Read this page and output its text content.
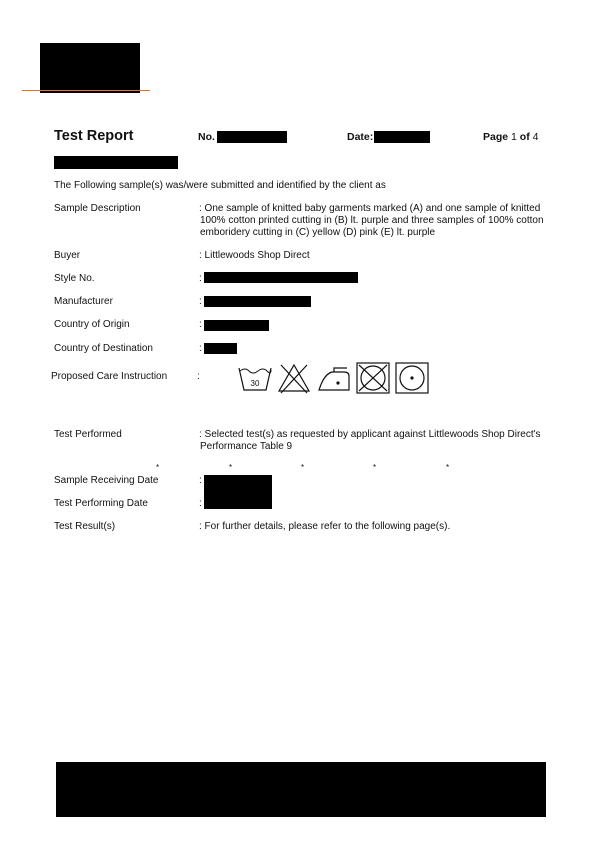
Test Report	No.	Date:	Page 1 of 4
The Following sample(s) was/were submitted and identified by the client as
Sample Description	: One sample of knitted baby garments marked (A) and one sample of knitted
100% cotton printed cutting in (B) lt. purple and three samples of 100% cotton
emboridery cutting in (C) yellow (D) pink (E) lt. purple
Buyer	: Littlewoods Shop Direct
Style No.	:
Manufacturer	:
Country of Origin	:
Country of Destination	:
Proposed Care Instruction	:
30
Test Performed	: Selected test(s) as requested by applicant against Littlewoods Shop Direct's
Performance Table 9
*	*	*	*	*
Sample Receiving Date	:
Test Performing Date	:
Test Result(s)	: For further details, please refer to the following page(s).
